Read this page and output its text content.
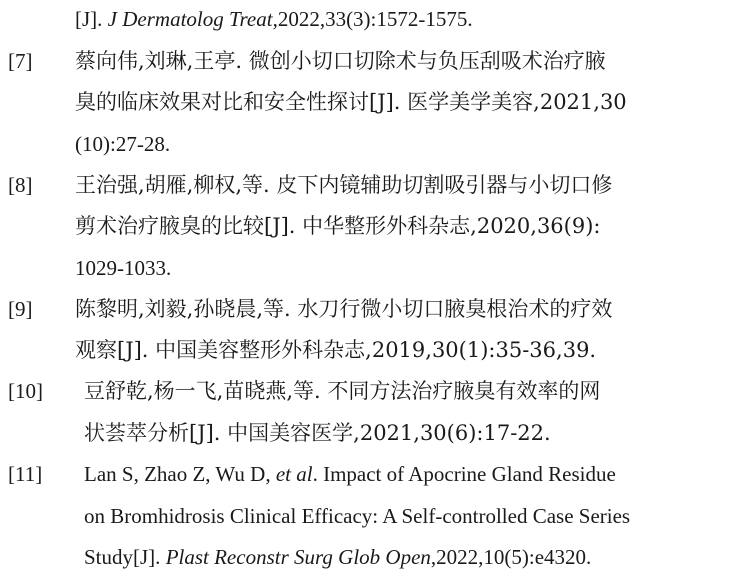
[J]. J Dermatolog Treat,2022,33(3):1572-1575.
[7] 蔡向伟,刘琳,王亭. 微创小切口切除术与负压刮吸术治疗腋
臭的临床效果对比和安全性探讨[J]. 医学美学美容,2021,30
(10):27-28.
[8] 王治强,胡雁,柳权,等. 皮下内镜辅助切割吸引器与小切口修
剪术治疗腋臭的比较[J]. 中华整形外科杂志,2020,36(9):
1029-1033.
[9] 陈黎明,刘毅,孙晓晨,等. 水刀行微小切口腋臭根治术的疗效
观察[J]. 中国美容整形外科杂志,2019,30(1):35-36,39.
[10] 豆舒乾,杨一飞,苗晓燕,等. 不同方法治疗腋臭有效率的网
状荟萃分析[J]. 中国美容医学,2021,30(6):17-22.
[11] Lan S, Zhao Z, Wu D, et al. Impact of Apocrine Gland Residue
on Bromhidrosis Clinical Efficacy: A Self-controlled Case Series
Study[J]. Plast Reconstr Surg Glob Open,2022,10(5):e4320.
